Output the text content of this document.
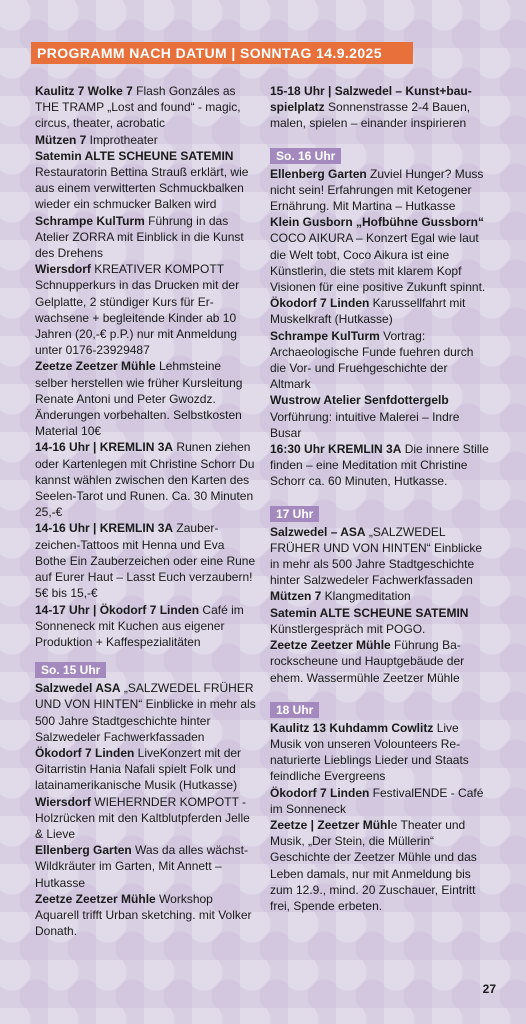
PROGRAMM NACH DATUM | SONNTAG 14.9.2025

Kaulitz 7 Wolke 7 Flash Gonzáles as THE TRAMP „Lost and found“ - magic, circus, theater, acrobatic

Mützen 7 Improtheater

Satemin ALTE SCHEUNE SATEMIN Restauratorin Bettina Strauß erklärt, wie aus einem verwitterten Schmuckbalken wieder ein schmucker Balken wird

Schrampe KulTurm Führung in das Atelier ZORRA mit Einblick in die Kunst des Drehens

Wiersdorf KREATIVER KOMPOTT Schnupperkurs in das Drucken mit der Gelplatte, 2 stündiger Kurs für Erwachsene + begleitende Kinder ab 10 Jahren (20,-€ p.P.) nur mit Anmeldung unter 0176-23929487

Zeetze Zeetzer Mühle Lehmsteine selber herstellen wie früher Kursleitung Renate Antoni und Peter Gwozdz. Änderungen vorbehalten. Selbstkosten Material 10€

14-16 Uhr | KREMLIN 3A Runen ziehen oder Kartenlegen mit Christine Schorr Du kannst wählen zwischen den Karten des Seelen-Tarot und Runen. Ca. 30 Minuten 25,-€

14-16 Uhr | KREMLIN 3A Zauberzeichen-Tattoos mit Henna und Eva Bothe Ein Zauberzeichen oder eine Rune auf Eurer Haut – Lasst Euch verzaubern! 5€ bis 15,-€

14-17 Uhr | Ökodorf 7 Linden Café im Sonneneck mit Kuchen aus eigener Produktion + Kaffespezialitäten

So. 15 Uhr

Salzwedel ASA „SALZWEDEL FRÜHER UND VON HINTEN“ Einblicke in mehr als 500 Jahre Stadtgeschichte hinter Salzwedeler Fachwerkfassaden

Ökodorf 7 Linden LiveKonzert mit der Gitarristin Hania Nafali spielt Folk und latainamerikanische Musik (Hutkasse)

Wiersdorf WIEHERNDER KOMPOTT - Holzrücken mit den Kaltblutpferden Jelle & Lieve

Ellenberg Garten Was da alles wächst- Wildkräuter im Garten, Mit Annett – Hutkasse

Zeetze Zeetzer Mühle Workshop Aquarell trifft Urban sketching. mit Volker Donath.

15-18 Uhr | Salzwedel – Kunst+bauspielplatz Sonnenstrasse 2-4 Bauen, malen, spielen – einander inspirieren

So. 16 Uhr

Ellenberg Garten Zuviel Hunger? Muss nicht sein! Erfahrungen mit Ketogener Ernährung. Mit Martina – Hutkasse

Klein Gusborn „Hofbühne Gussborn“ COCO AIKURA – Konzert Egal wie laut die Welt tobt, Coco Aikura ist eine Künstlerin, die stets mit klarem Kopf Visionen für eine positive Zukunft spinnt.

Ökodorf 7 Linden Karussellfahrt mit Muskelkraft (Hutkasse)

Schrampe KulTurm Vortrag: Archaeologische Funde fuehren durch die Vor- und Fruehgeschichte der Altmark

Wustrow Atelier Senfdottergelb Vorführung: intuitive Malerei – Indre Busar

16:30 Uhr KREMLIN 3A Die innere Stille finden – eine Meditation mit Christine Schorr ca. 60 Minuten, Hutkasse.

17 Uhr

Salzwedel – ASA „SALZWEDEL FRÜHER UND VON HINTEN“ Einblicke in mehr als 500 Jahre Stadtgeschichte hinter Salzwedeler Fachwerkfassaden

Mützen 7 Klangmeditation

Satemin ALTE SCHEUNE SATEMIN Künstlergespräch mit POGO.

Zeetze Zeetzer Mühle Führung Barockscheune und Hauptgebäude der ehem. Wassermühle Zeetzer Mühle

18 Uhr

Kaulitz 13 Kuhdamm Cowlitz Live Musik von unseren Volounteers Renaturierte Lieblings Lieder und Staats feindliche Evergreens

Ökodorf 7 Linden FestivalENDE - Café im Sonneneck

Zeetze | Zeetzer Mühle Theater und Musik, „Der Stein, die Müllerin“ Geschichte der Zeetzer Mühle und das Leben damals, nur mit Anmeldung bis zum 12.9., mind. 20 Zuschauer, Eintritt frei, Spende erbeten.

27
